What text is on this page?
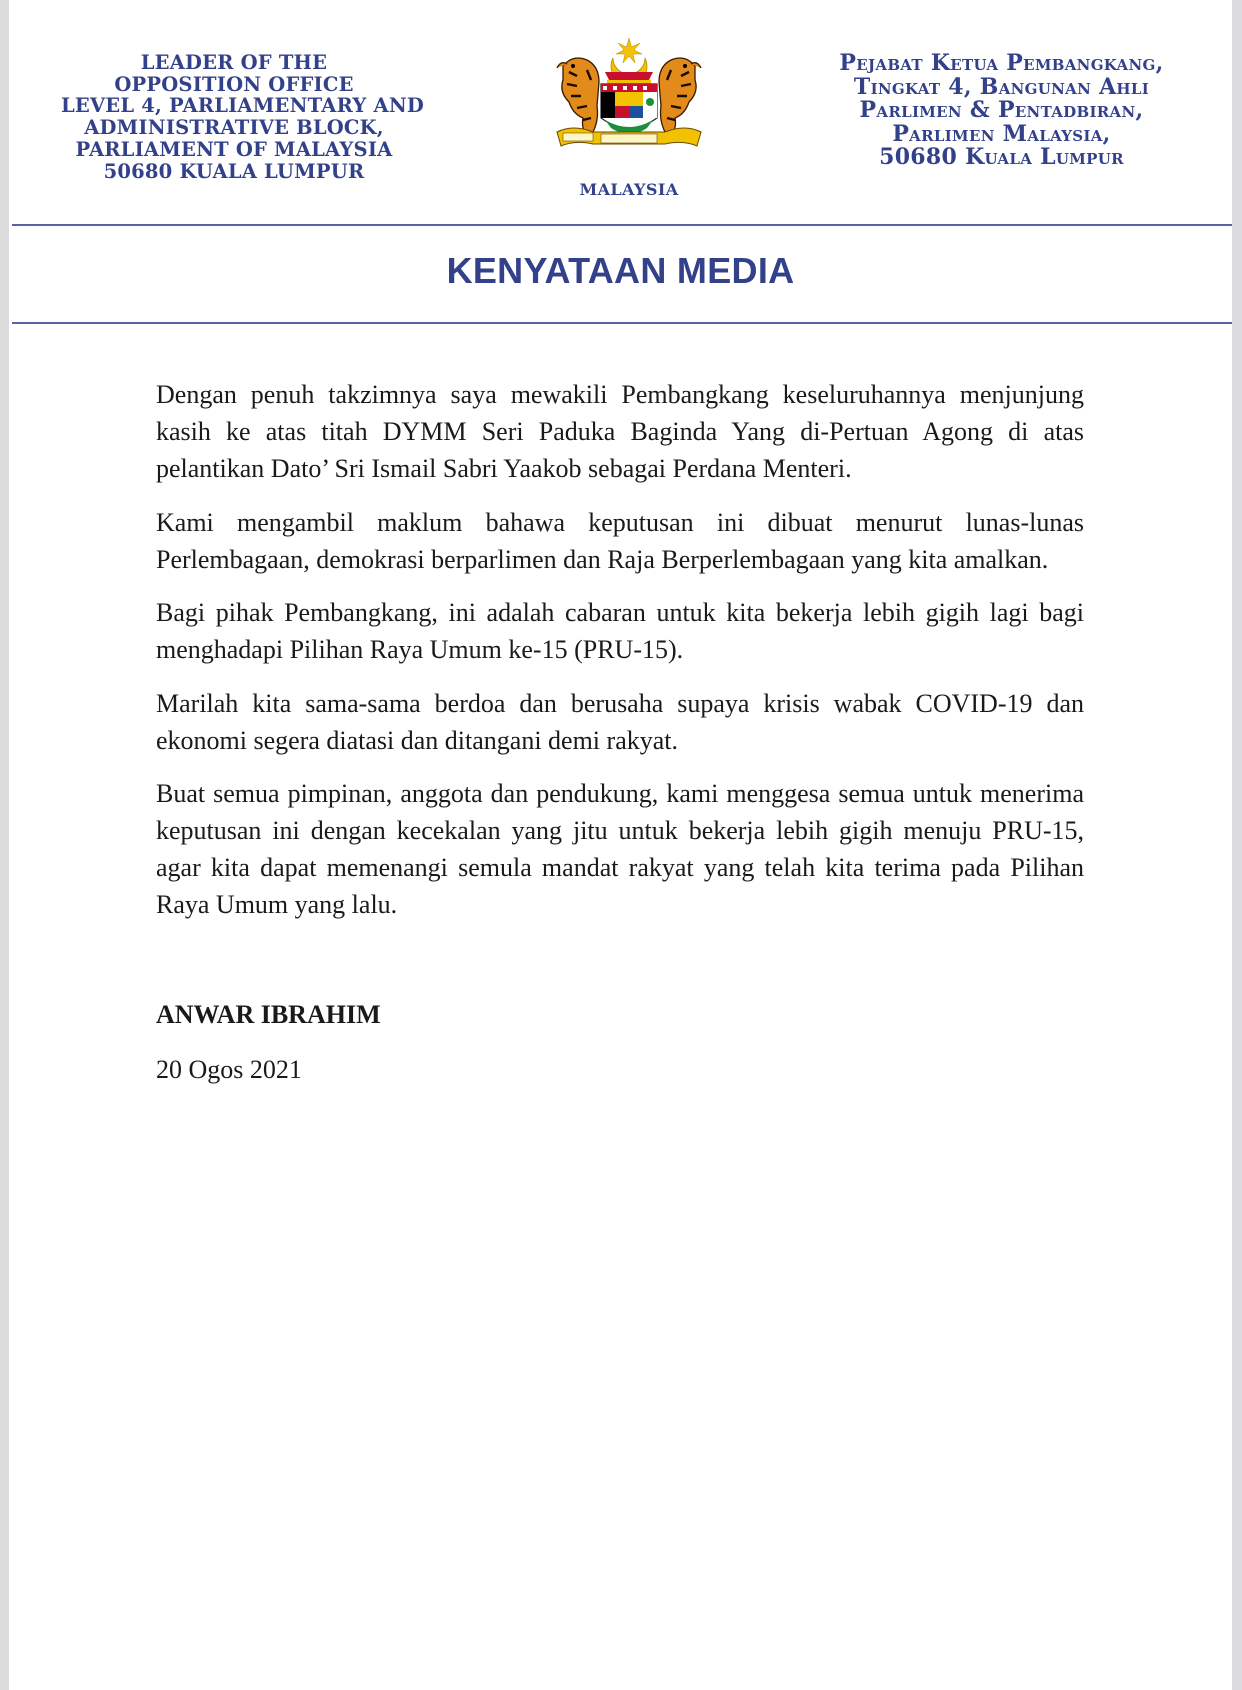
LEADER OF THE
OPPOSITION OFFICE
LEVEL 4, PARLIAMENTARY AND
ADMINISTRATIVE BLOCK,
PARLIAMENT OF MALAYSIA
50680 KUALA LUMPUR
MALAYSIA
Pejabat Ketua Pembangkang,
Tingkat 4, Bangunan Ahli
Parlimen & Pentadbiran,
Parlimen Malaysia,
50680 Kuala Lumpur
KENYATAAN MEDIA

Dengan penuh takzimnya saya mewakili Pembangkang keseluruhannya menjunjung kasih ke atas titah DYMM Seri Paduka Baginda Yang di-Pertuan Agong di atas pelantikan Dato’ Sri Ismail Sabri Yaakob sebagai Perdana Menteri.

Kami mengambil maklum bahawa keputusan ini dibuat menurut lunas-lunas Perlembagaan, demokrasi berparlimen dan Raja Berperlembagaan yang kita amalkan.

Bagi pihak Pembangkang, ini adalah cabaran untuk kita bekerja lebih gigih lagi bagi menghadapi Pilihan Raya Umum ke-15 (PRU-15).

Marilah kita sama-sama berdoa dan berusaha supaya krisis wabak COVID-19 dan ekonomi segera diatasi dan ditangani demi rakyat.

Buat semua pimpinan, anggota dan pendukung, kami menggesa semua untuk menerima keputusan ini dengan kecekalan yang jitu untuk bekerja lebih gigih menuju PRU-15, agar kita dapat memenangi semula mandat rakyat yang telah kita terima pada Pilihan Raya Umum yang lalu.

ANWAR IBRAHIM
20 Ogos 2021
